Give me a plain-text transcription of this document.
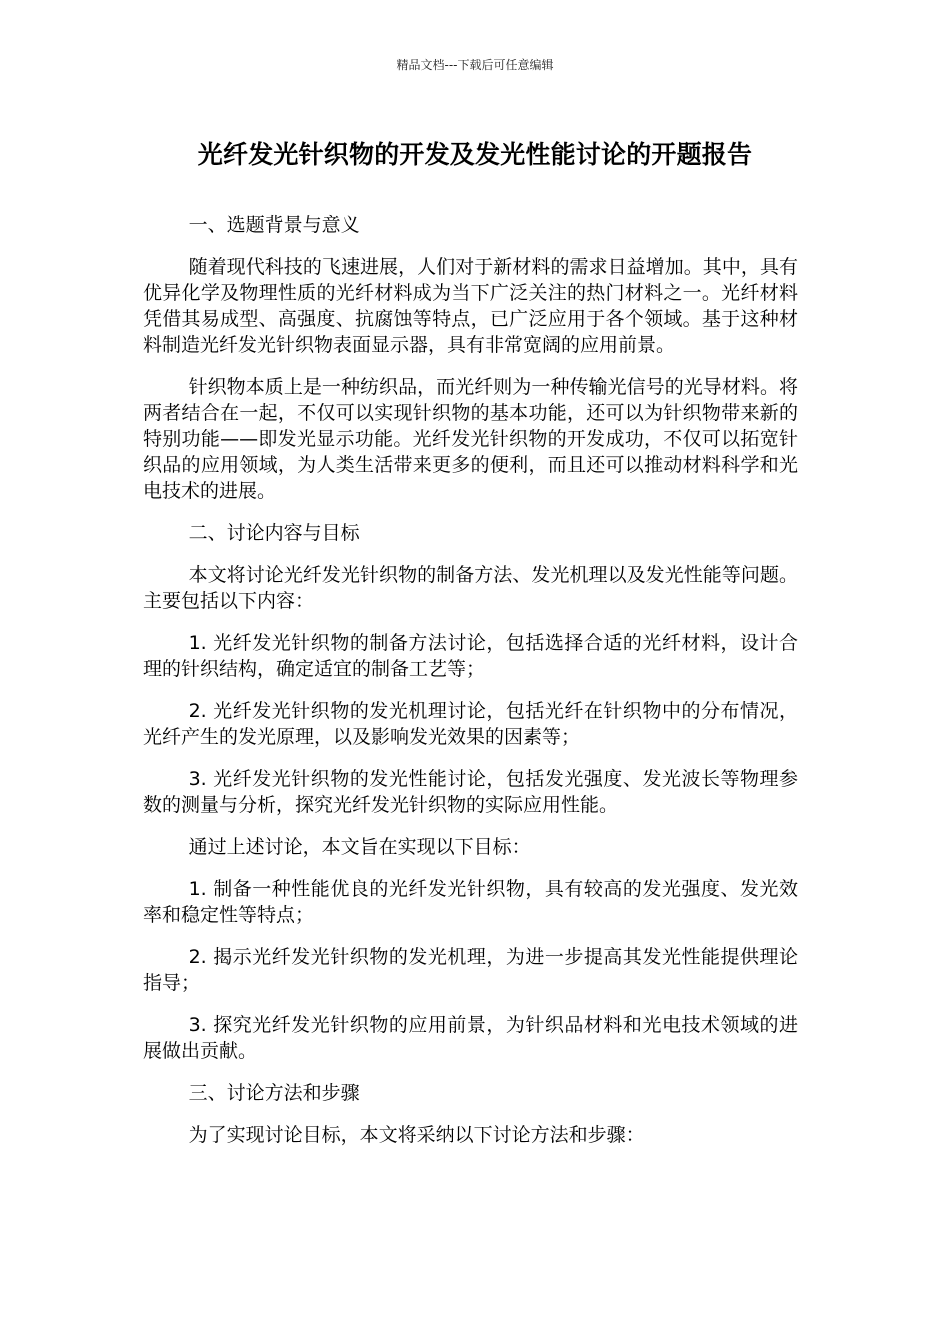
精品文档---下载后可任意编辑
光纤发光针织物的开发及发光性能讨论的开题报告

一、选题背景与意义

随着现代科技的飞速进展，人们对于新材料的需求日益增加。其中，具有优异化学及物理性质的光纤材料成为当下广泛关注的热门材料之一。光纤材料凭借其易成型、高强度、抗腐蚀等特点，已广泛应用于各个领域。基于这种材料制造光纤发光针织物表面显示器，具有非常宽阔的应用前景。

针织物本质上是一种纺织品，而光纤则为一种传输光信号的光导材料。将两者结合在一起，不仅可以实现针织物的基本功能，还可以为针织物带来新的特别功能——即发光显示功能。光纤发光针织物的开发成功，不仅可以拓宽针织品的应用领域，为人类生活带来更多的便利，而且还可以推动材料科学和光电技术的进展。

二、讨论内容与目标

本文将讨论光纤发光针织物的制备方法、发光机理以及发光性能等问题。主要包括以下内容：

1. 光纤发光针织物的制备方法讨论，包括选择合适的光纤材料，设计合理的针织结构，确定适宜的制备工艺等；

2. 光纤发光针织物的发光机理讨论，包括光纤在针织物中的分布情况，光纤产生的发光原理，以及影响发光效果的因素等；

3. 光纤发光针织物的发光性能讨论，包括发光强度、发光波长等物理参数的测量与分析，探究光纤发光针织物的实际应用性能。

通过上述讨论，本文旨在实现以下目标：

1. 制备一种性能优良的光纤发光针织物，具有较高的发光强度、发光效率和稳定性等特点；

2. 揭示光纤发光针织物的发光机理，为进一步提高其发光性能提供理论指导；

3. 探究光纤发光针织物的应用前景，为针织品材料和光电技术领域的进展做出贡献。

三、讨论方法和步骤

为了实现讨论目标，本文将采纳以下讨论方法和步骤：
